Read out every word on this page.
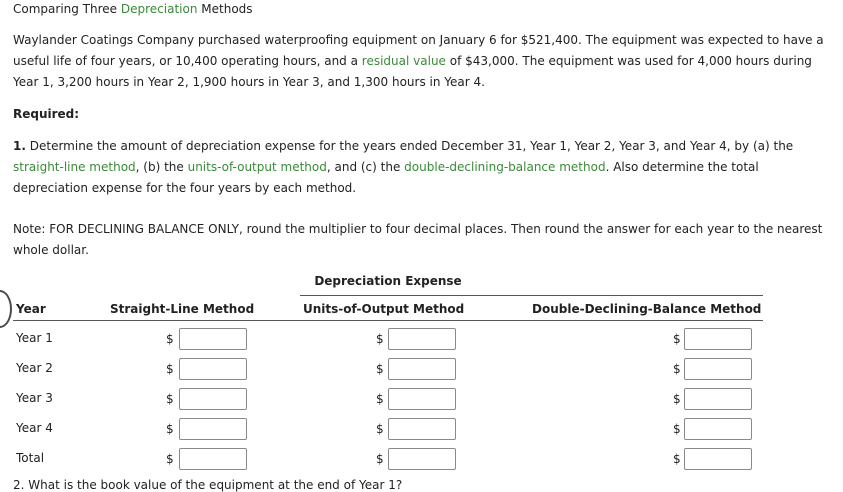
Comparing Three Depreciation Methods

Waylander Coatings Company purchased waterproofing equipment on January 6 for $521,400. The equipment was expected to have a useful life of four years, or 10,400 operating hours, and a residual value of $43,000. The equipment was used for 4,000 hours during Year 1, 3,200 hours in Year 2, 1,900 hours in Year 3, and 1,300 hours in Year 4.

Required:

1. Determine the amount of depreciation expense for the years ended December 31, Year 1, Year 2, Year 3, and Year 4, by (a) the straight-line method, (b) the units-of-output method, and (c) the double-declining-balance method. Also determine the total depreciation expense for the four years by each method.

Note: FOR DECLINING BALANCE ONLY, round the multiplier to four decimal places. Then round the answer for each year to the nearest whole dollar.

Depreciation Expense
Year	Straight-Line Method	Units-of-Output Method	Double-Declining-Balance Method
Year 1	$	$	$
Year 2	$	$	$
Year 3	$	$	$
Year 4	$	$	$
Total	$	$	$
2. What is the book value of the equipment at the end of Year 1?
